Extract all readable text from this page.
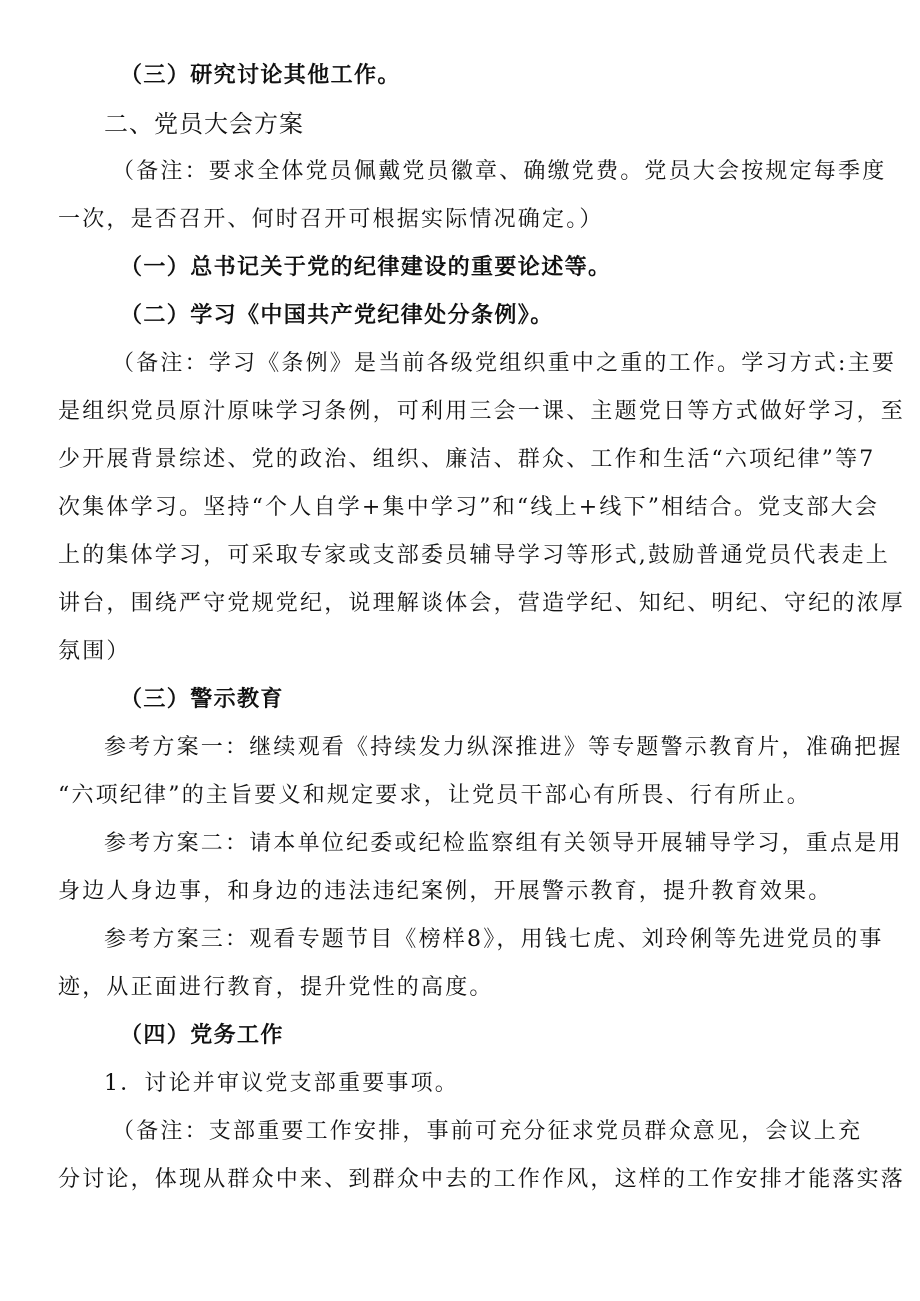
（三）研究讨论其他工作。
二、党员大会方案
（备注：要求全体党员佩戴党员徽章、确缴党费。党员大会按规定每季度
一次，是否召开、何时召开可根据实际情况确定。）
（一）总书记关于党的纪律建设的重要论述等。
（二）学习《中国共产党纪律处分条例》。
（备注：学习《条例》是当前各级党组织重中之重的工作。学习方式:主要
是组织党员原汁原味学习条例，可利用三会一课、主题党日等方式做好学习，至
少开展背景综述、党的政治、组织、廉洁、群众、工作和生活“六项纪律”等7
次集体学习。坚持“个人自学+集中学习”和“线上+线下”相结合。党支部大会
上的集体学习，可采取专家或支部委员辅导学习等形式,鼓励普通党员代表走上
讲台，围绕严守党规党纪，说理解谈体会，营造学纪、知纪、明纪、守纪的浓厚
氛围）
（三）警示教育
参考方案一：继续观看《持续发力纵深推进》等专题警示教育片，准确把握
“六项纪律”的主旨要义和规定要求，让党员干部心有所畏、行有所止。
参考方案二：请本单位纪委或纪检监察组有关领导开展辅导学习，重点是用
身边人身边事，和身边的违法违纪案例，开展警示教育，提升教育效果。
参考方案三：观看专题节目《榜样8》，用钱七虎、刘玲俐等先进党员的事
迹，从正面进行教育，提升党性的高度。
（四）党务工作
1．讨论并审议党支部重要事项。
（备注：支部重要工作安排，事前可充分征求党员群众意见，会议上充
分讨论，体现从群众中来、到群众中去的工作作风，这样的工作安排才能落实落
